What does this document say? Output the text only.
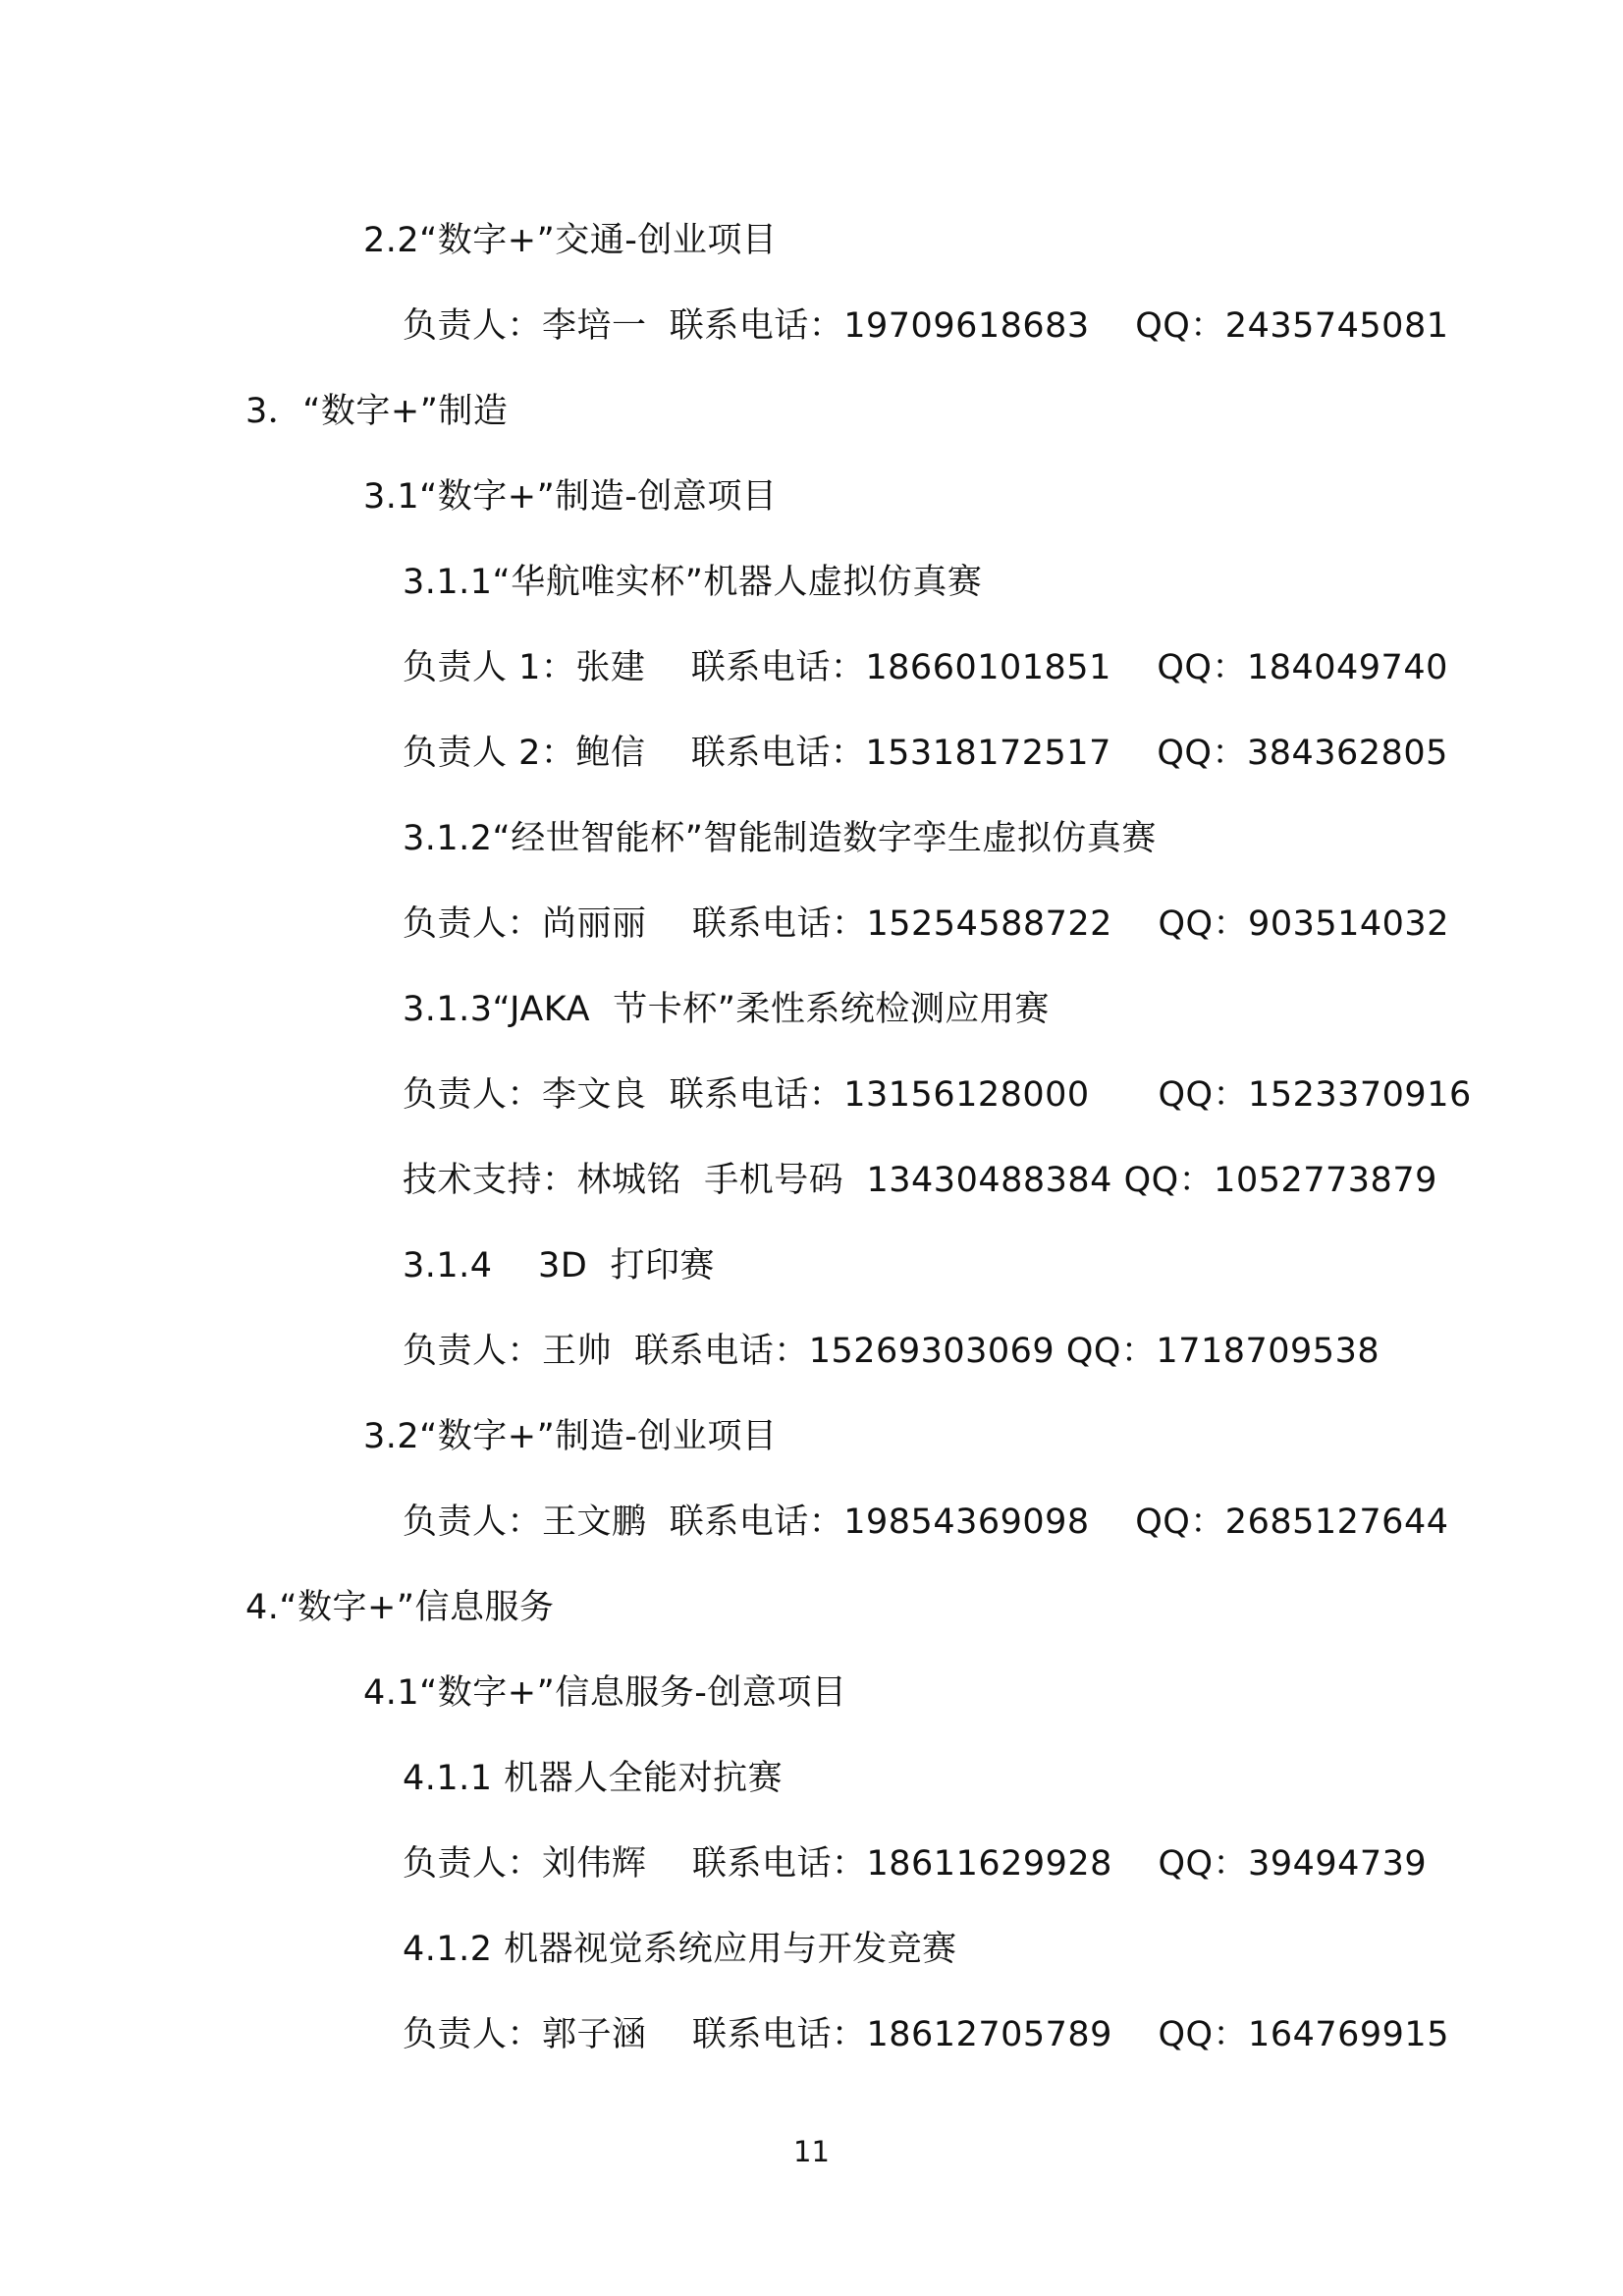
2.2“数字+”交通-创业项目
负责人：李培一  联系电话：19709618683    QQ：2435745081
3．“数字+”制造
3.1“数字+”制造-创意项目
3.1.1“华航唯实杯”机器人虚拟仿真赛
负责人 1：张建    联系电话：18660101851    QQ：184049740
负责人 2：鲍信    联系电话：15318172517    QQ：384362805
3.1.2“经世智能杯”智能制造数字孪生虚拟仿真赛
负责人：尚丽丽    联系电话：15254588722    QQ：903514032
3.1.3“JAKA  节卡杯”柔性系统检测应用赛
负责人：李文良  联系电话：13156128000      QQ：1523370916
技术支持：林城铭  手机号码  13430488384 QQ：1052773879
3.1.4    3D  打印赛
负责人：王帅  联系电话：15269303069 QQ：1718709538
3.2“数字+”制造-创业项目
负责人：王文鹏  联系电话：19854369098    QQ：2685127644
4.“数字+”信息服务
4.1“数字+”信息服务-创意项目
4.1.1 机器人全能对抗赛
负责人：刘伟辉    联系电话：18611629928    QQ：39494739
4.1.2 机器视觉系统应用与开发竞赛
负责人：郭子涵    联系电话：18612705789    QQ：164769915
11
